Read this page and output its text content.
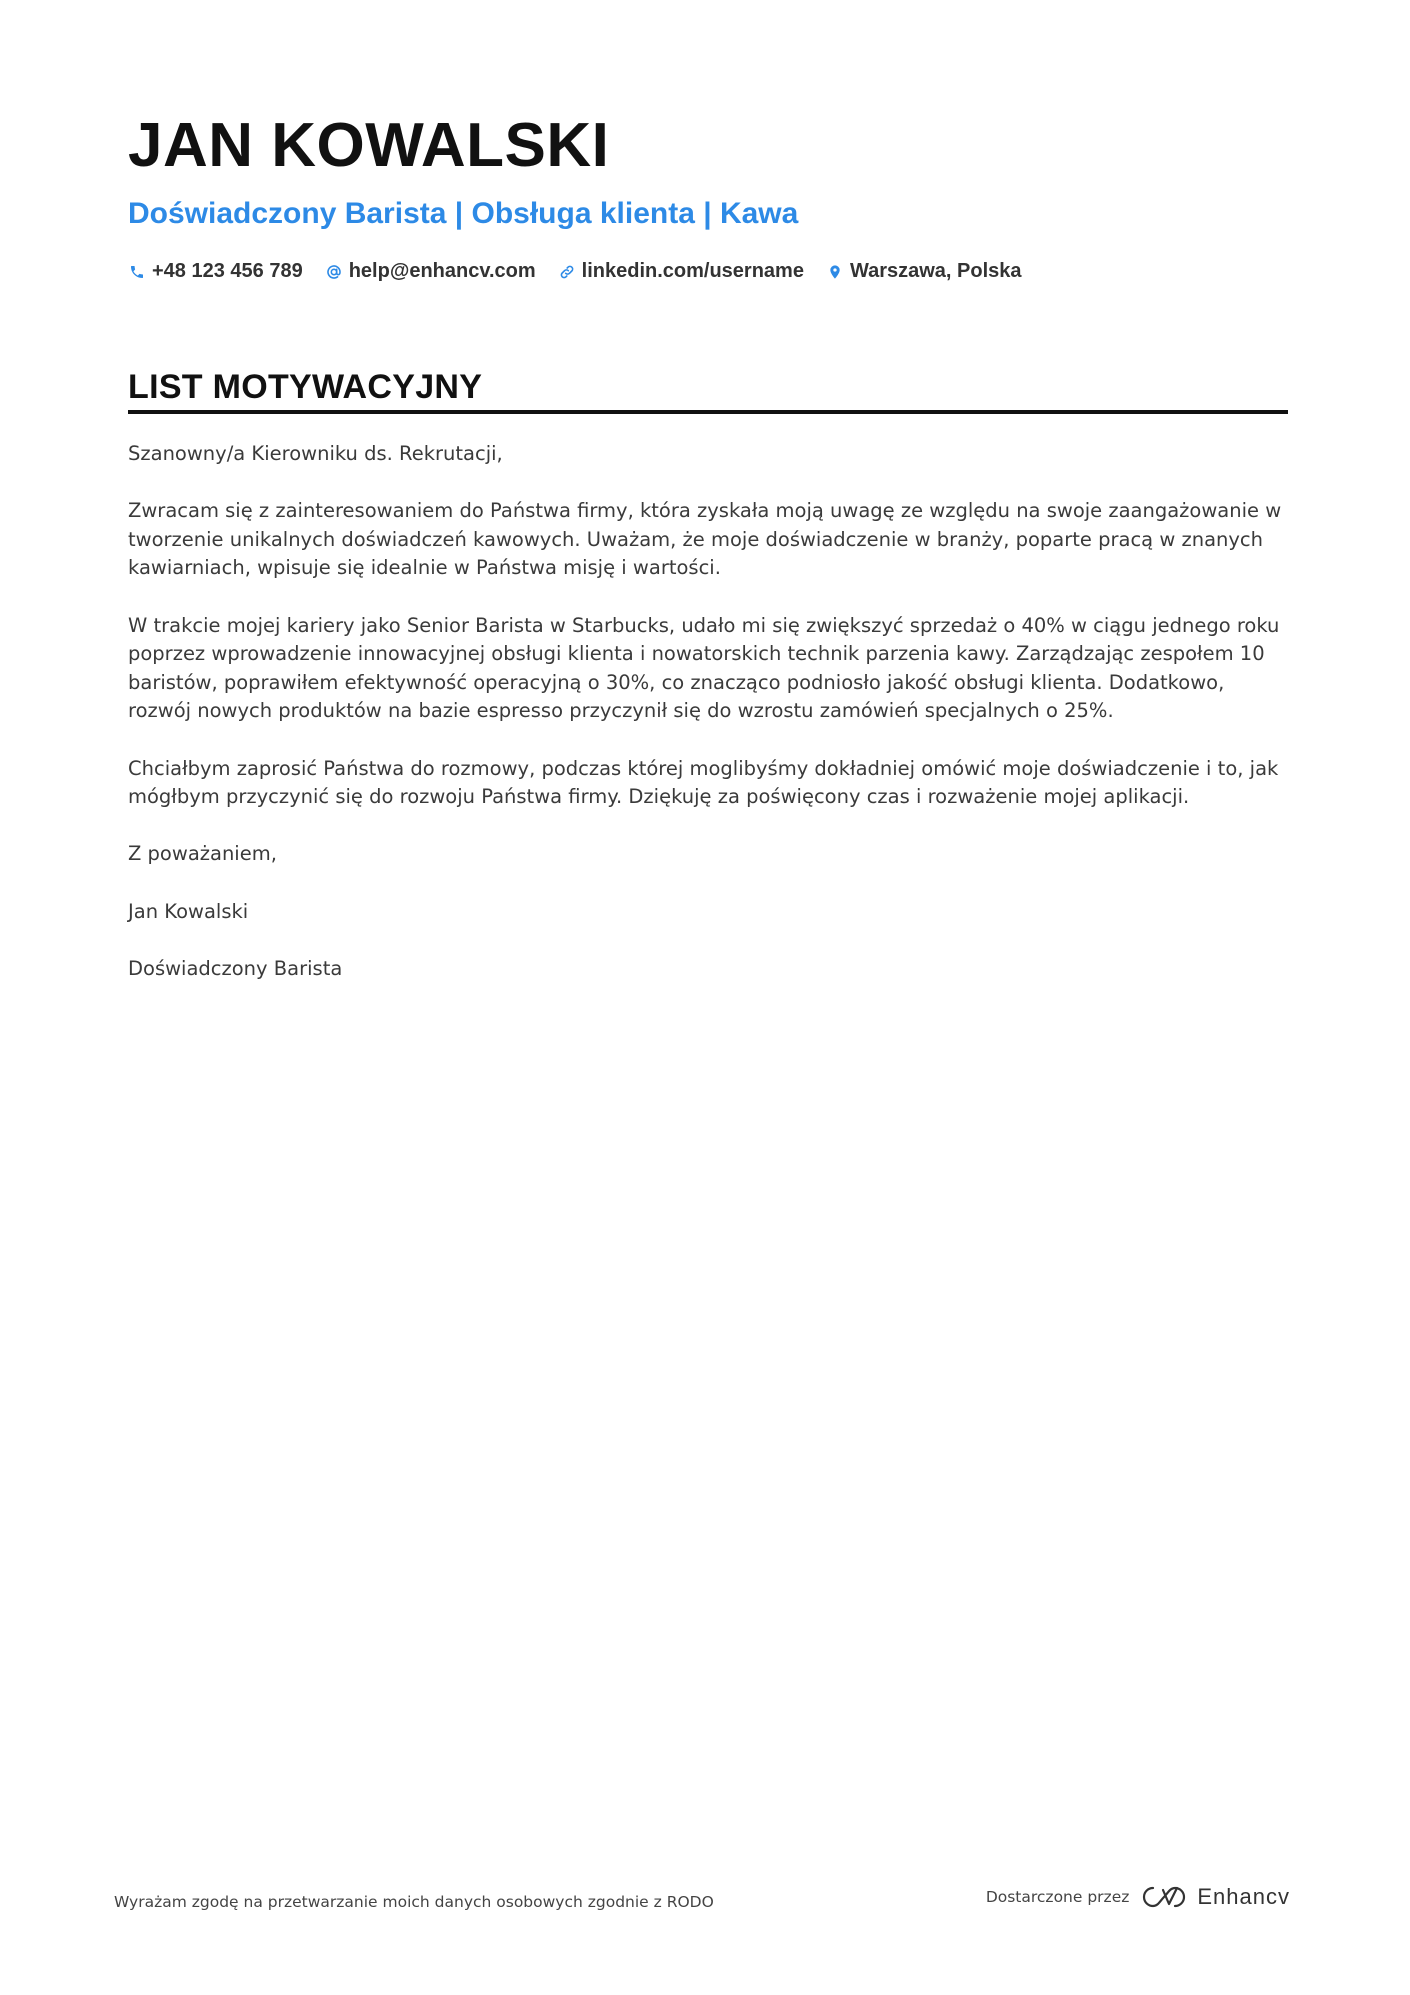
JAN KOWALSKI
Doświadczony Barista | Obsługa klienta | Kawa
+48 123 456 789 help@enhancv.com linkedin.com/username Warszawa, Polska
LIST MOTYWACYJNY

Szanowny/a Kierowniku ds. Rekrutacji,

Zwracam się z zainteresowaniem do Państwa firmy, która zyskała moją uwagę ze względu na swoje zaangażowanie w tworzenie unikalnych doświadczeń kawowych. Uważam, że moje doświadczenie w branży, poparte pracą w znanych kawiarniach, wpisuje się idealnie w Państwa misję i wartości.

W trakcie mojej kariery jako Senior Barista w Starbucks, udało mi się zwiększyć sprzedaż o 40% w ciągu jednego roku poprzez wprowadzenie innowacyjnej obsługi klienta i nowatorskich technik parzenia kawy. Zarządzając zespołem 10 baristów, poprawiłem efektywność operacyjną o 30%, co znacząco podniosło jakość obsługi klienta. Dodatkowo, rozwój nowych produktów na bazie espresso przyczynił się do wzrostu zamówień specjalnych o 25%.

Chciałbym zaprosić Państwa do rozmowy, podczas której moglibyśmy dokładniej omówić moje doświadczenie i to, jak mógłbym przyczynić się do rozwoju Państwa firmy. Dziękuję za poświęcony czas i rozważenie mojej aplikacji.

Z poważaniem,

Jan Kowalski

Doświadczony Barista

Wyrażam zgodę na przetwarzanie moich danych osobowych zgodnie z RODO	Dostarczone przez	Enhancv
